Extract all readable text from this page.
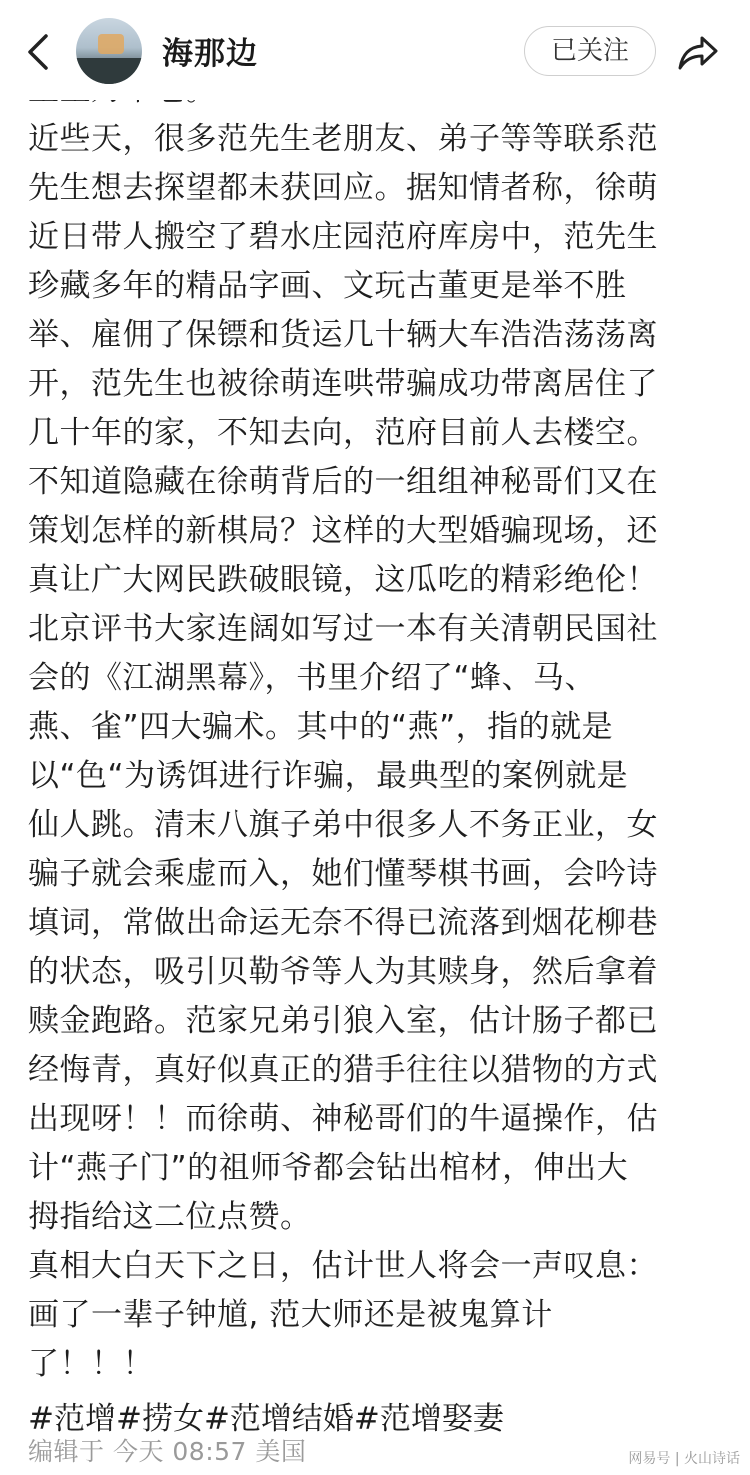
海那边	已关注
近些天，很多范先生老朋友、弟子等等联系范
先生想去探望都未获回应。据知情者称，徐萌
近日带人搬空了碧水庄园范府库房中，范先生
珍藏多年的精品字画、文玩古董更是举不胜
举、雇佣了保镖和货运几十辆大车浩浩荡荡离
开，范先生也被徐萌连哄带骗成功带离居住了
几十年的家，不知去向，范府目前人去楼空。
不知道隐藏在徐萌背后的一组组神秘哥们又在
策划怎样的新棋局？这样的大型婚骗现场，还
真让广大网民跌破眼镜，这瓜吃的精彩绝伦！
北京评书大家连阔如写过一本有关清朝民国社
会的《江湖黑幕》，书里介绍了“蜂、马、
燕、雀”四大骗术。其中的“燕”，指的就是
以“色“为诱饵进行诈骗，最典型的案例就是
仙人跳。清末八旗子弟中很多人不务正业，女
骗子就会乘虚而入，她们懂琴棋书画，会吟诗
填词，常做出命运无奈不得已流落到烟花柳巷
的状态，吸引贝勒爷等人为其赎身，然后拿着
赎金跑路。范家兄弟引狼入室，估计肠子都已
经悔青，真好似真正的猎手往往以猎物的方式
出现呀！！而徐萌、神秘哥们的牛逼操作，估
计“燕子门”的祖师爷都会钻出棺材，伸出大
拇指给这二位点赞。
真相大白天下之日，估计世人将会一声叹息：
画了一辈子钟馗, 范大师还是被鬼算计
了！！！
#范增#捞女#范增结婚#范增娶妻
编辑于 今天 08:57 美国	网易号 | 火山诗话
